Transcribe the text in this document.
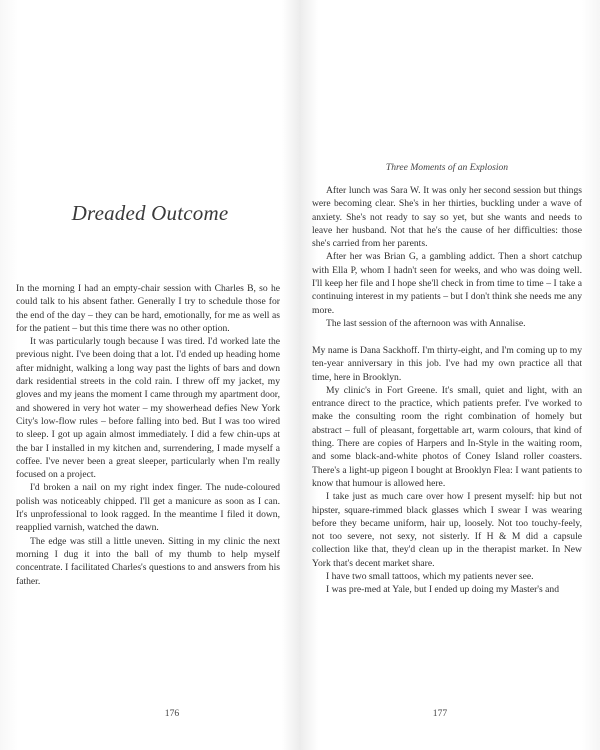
Dreaded Outcome

In the morning I had an empty-chair session with Charles B, so he could talk to his absent father. Generally I try to schedule those for the end of the day – they can be hard, emotionally, for me as well as for the patient – but this time there was no other option.

It was particularly tough because I was tired. I'd worked late the previous night. I've been doing that a lot. I'd ended up heading home after midnight, walking a long way past the lights of bars and down dark residential streets in the cold rain. I threw off my jacket, my gloves and my jeans the moment I came through my apartment door, and showered in very hot water – my showerhead defies New York City's low-flow rules – before falling into bed. But I was too wired to sleep. I got up again almost immediately. I did a few chin-ups at the bar I installed in my kitchen and, surrendering, I made myself a coffee. I've never been a great sleeper, particularly when I'm really focused on a project.

I'd broken a nail on my right index finger. The nude-coloured polish was noticeably chipped. I'll get a manicure as soon as I can. It's unprofessional to look ragged. In the meantime I filed it down, reapplied varnish, watched the dawn.

The edge was still a little uneven. Sitting in my clinic the next morning I dug it into the ball of my thumb to help myself concentrate. I facilitated Charles's questions to and answers from his father.

176
Three Moments of an Explosion

After lunch was Sara W. It was only her second session but things were becoming clear. She's in her thirties, buckling under a wave of anxiety. She's not ready to say so yet, but she wants and needs to leave her husband. Not that he's the cause of her difficulties: those she's carried from her parents.

After her was Brian G, a gambling addict. Then a short catchup with Ella P, whom I hadn't seen for weeks, and who was doing well. I'll keep her file and I hope she'll check in from time to time – I take a continuing interest in my patients – but I don't think she needs me any more.

The last session of the afternoon was with Annalise.

My name is Dana Sackhoff. I'm thirty-eight, and I'm coming up to my ten-year anniversary in this job. I've had my own practice all that time, here in Brooklyn.

My clinic's in Fort Greene. It's small, quiet and light, with an entrance direct to the practice, which patients prefer. I've worked to make the consulting room the right combination of homely but abstract – full of pleasant, forgettable art, warm colours, that kind of thing. There are copies of Harpers and In-Style in the waiting room, and some black-and-white photos of Coney Island roller coasters. There's a light-up pigeon I bought at Brooklyn Flea: I want patients to know that humour is allowed here.

I take just as much care over how I present myself: hip but not hipster, square-rimmed black glasses which I swear I was wearing before they became uniform, hair up, loosely. Not too touchy-feely, not too severe, not sexy, not sisterly. If H & M did a capsule collection like that, they'd clean up in the therapist market. In New York that's decent market share.

I have two small tattoos, which my patients never see.

I was pre-med at Yale, but I ended up doing my Master's and

177
